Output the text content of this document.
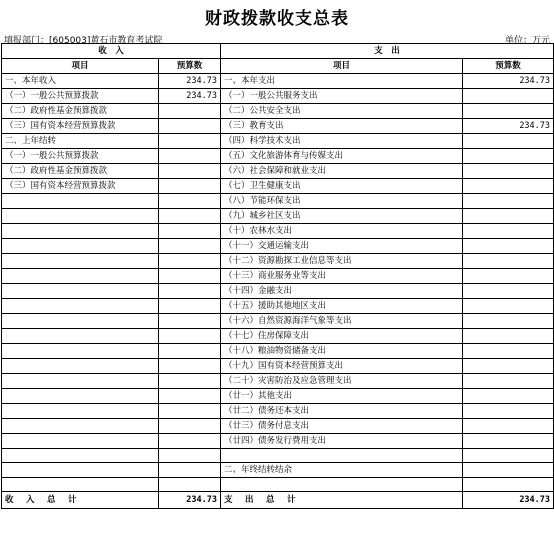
财政拨款收支总表
填报部门：[605003]黄石市教育考试院	单位：万元
收　入		支　出	
项目	预算数	项目	预算数
一、本年收入	234.73	一、本年支出	234.73
（一）一般公共预算拨款	234.73	（一）一般公共服务支出	
（二）政府性基金预算拨款		（二）公共安全支出	
（三）国有资本经营预算拨款		（三）教育支出	234.73
二、上年结转		（四）科学技术支出	
（一）一般公共预算拨款		（五）文化旅游体育与传媒支出	
（二）政府性基金预算拨款		（六）社会保障和就业支出	
（三）国有资本经营预算拨款		（七）卫生健康支出	
		（八）节能环保支出	
		（九）城乡社区支出	
		（十）农林水支出	
		（十一）交通运输支出	
		（十二）资源勘探工业信息等支出	
		（十三）商业服务业等支出	
		（十四）金融支出	
		（十五）援助其他地区支出	
		（十六）自然资源海洋气象等支出	
		（十七）住房保障支出	
		（十八）粮油物资储备支出	
		（十九）国有资本经营预算支出	
		（二十）灾害防治及应急管理支出	
		（廿一）其他支出	
		（廿二）债务还本支出	
		（廿三）债务付息支出	
		（廿四）债务发行费用支出	

		二、年终结转结余	

收　入　总　计	234.73	支　出　总　计	234.73
